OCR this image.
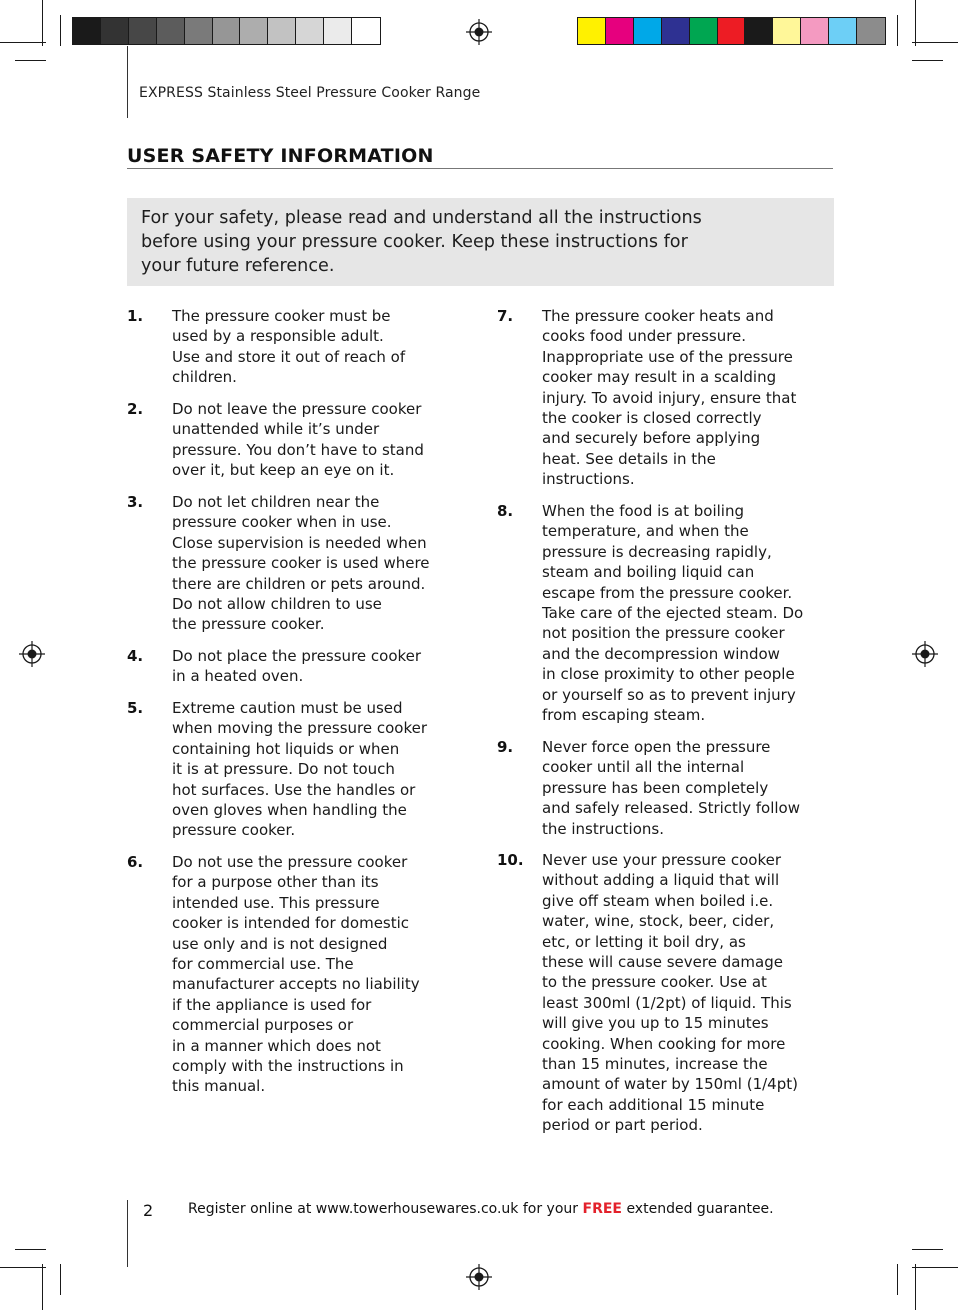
EXPRESS Stainless Steel Pressure Cooker Range
USER SAFETY INFORMATION
For your safety, please read and understand all the instructions
before using your pressure cooker. Keep these instructions for
your future reference.
1. The pressure cooker must be
used by a responsible adult.
Use and store it out of reach of
children.
2. Do not leave the pressure cooker
unattended while it’s under
pressure. You don’t have to stand
over it, but keep an eye on it.
3. Do not let children near the
pressure cooker when in use.
Close supervision is needed when
the pressure cooker is used where
there are children or pets around.
Do not allow children to use
the pressure cooker.
4. Do not place the pressure cooker
in a heated oven.
5. Extreme caution must be used
when moving the pressure cooker
containing hot liquids or when
it is at pressure. Do not touch
hot surfaces. Use the handles or
oven gloves when handling the
pressure cooker.
6. Do not use the pressure cooker
for a purpose other than its
intended use. This pressure
cooker is intended for domestic
use only and is not designed
for commercial use. The
manufacturer accepts no liability
if the appliance is used for
commercial purposes or
in a manner which does not
comply with the instructions in
this manual.
7. The pressure cooker heats and
cooks food under pressure.
Inappropriate use of the pressure
cooker may result in a scalding
injury. To avoid injury, ensure that
the cooker is closed correctly
and securely before applying
heat. See details in the
instructions.
8. When the food is at boiling
temperature, and when the
pressure is decreasing rapidly,
steam and boiling liquid can
escape from the pressure cooker.
Take care of the ejected steam. Do
not position the pressure cooker
and the decompression window
in close proximity to other people
or yourself so as to prevent injury
from escaping steam.
9. Never force open the pressure
cooker until all the internal
pressure has been completely
and safely released. Strictly follow
the instructions.
10. Never use your pressure cooker
without adding a liquid that will
give off steam when boiled i.e.
water, wine, stock, beer, cider,
etc, or letting it boil dry, as
these will cause severe damage
to the pressure cooker. Use at
least 300ml (1/2pt) of liquid. This
will give you up to 15 minutes
cooking. When cooking for more
than 15 minutes, increase the
amount of water by 150ml (1/4pt)
for each additional 15 minute
period or part period.
2 Register online at www.towerhousewares.co.uk for your FREE extended guarantee.
